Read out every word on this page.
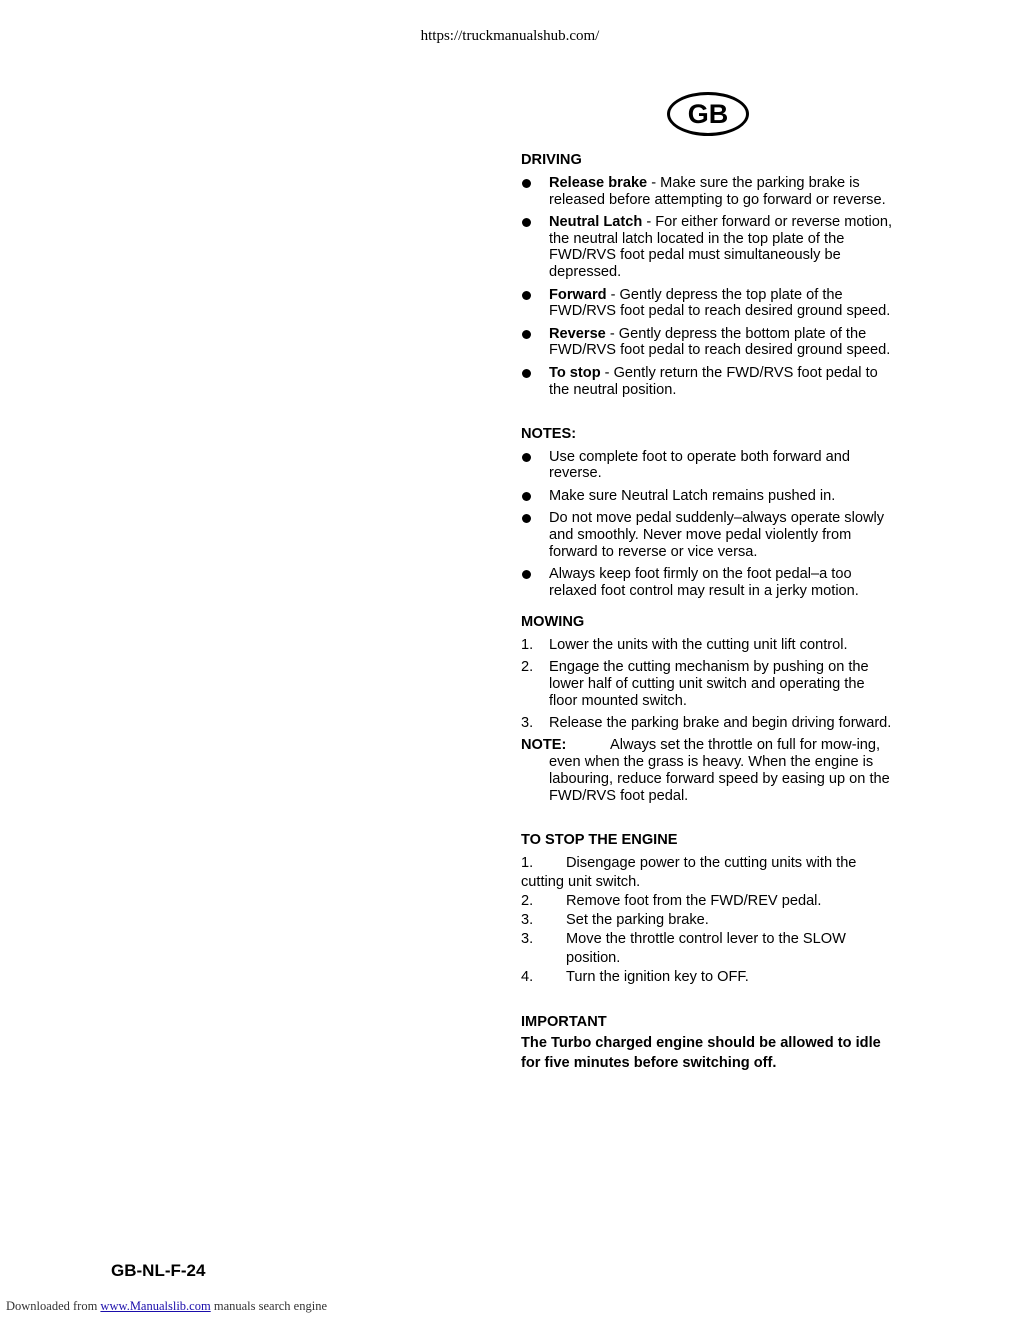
https://truckmanualshub.com/
GB
DRIVING
Release brake - Make sure the parking brake is released before attempting to go forward or reverse.
Neutral Latch - For either forward or reverse motion, the neutral latch located in the top plate of the FWD/RVS foot pedal must simultaneously be depressed.
Forward - Gently depress the top plate of the FWD/RVS foot pedal to reach desired ground speed.
Reverse - Gently depress the bottom plate of the FWD/RVS foot pedal to reach desired ground speed.
To stop - Gently return the FWD/RVS foot pedal to the neutral position.
NOTES:
Use complete foot to operate both forward and reverse.
Make sure Neutral Latch remains pushed in.
Do not move pedal suddenly–always operate slowly and smoothly. Never move pedal violently from forward to reverse or vice versa.
Always keep foot firmly on the foot pedal–a too relaxed foot control may result in a jerky motion.
MOWING
1. Lower the units with the cutting unit lift control.
2. Engage the cutting mechanism by pushing on the lower half of cutting unit switch and operating the floor mounted switch.
3. Release the parking brake and begin driving forward.
NOTE:	Always set the throttle on full for mow-ing, even when the grass is heavy. When the engine is labouring, reduce forward speed by easing up on the FWD/RVS foot pedal.
TO STOP THE ENGINE
1. Disengage power to the cutting units with the cutting unit switch.
2. Remove foot from the FWD/REV pedal.
3. Set the parking brake.
3. Move the throttle control lever to the SLOW position.
4. Turn the ignition key to OFF.
IMPORTANT
The Turbo charged engine should be allowed to idle for five minutes before switching off.
GB-NL-F-24
Downloaded from www.Manualslib.com manuals search engine
